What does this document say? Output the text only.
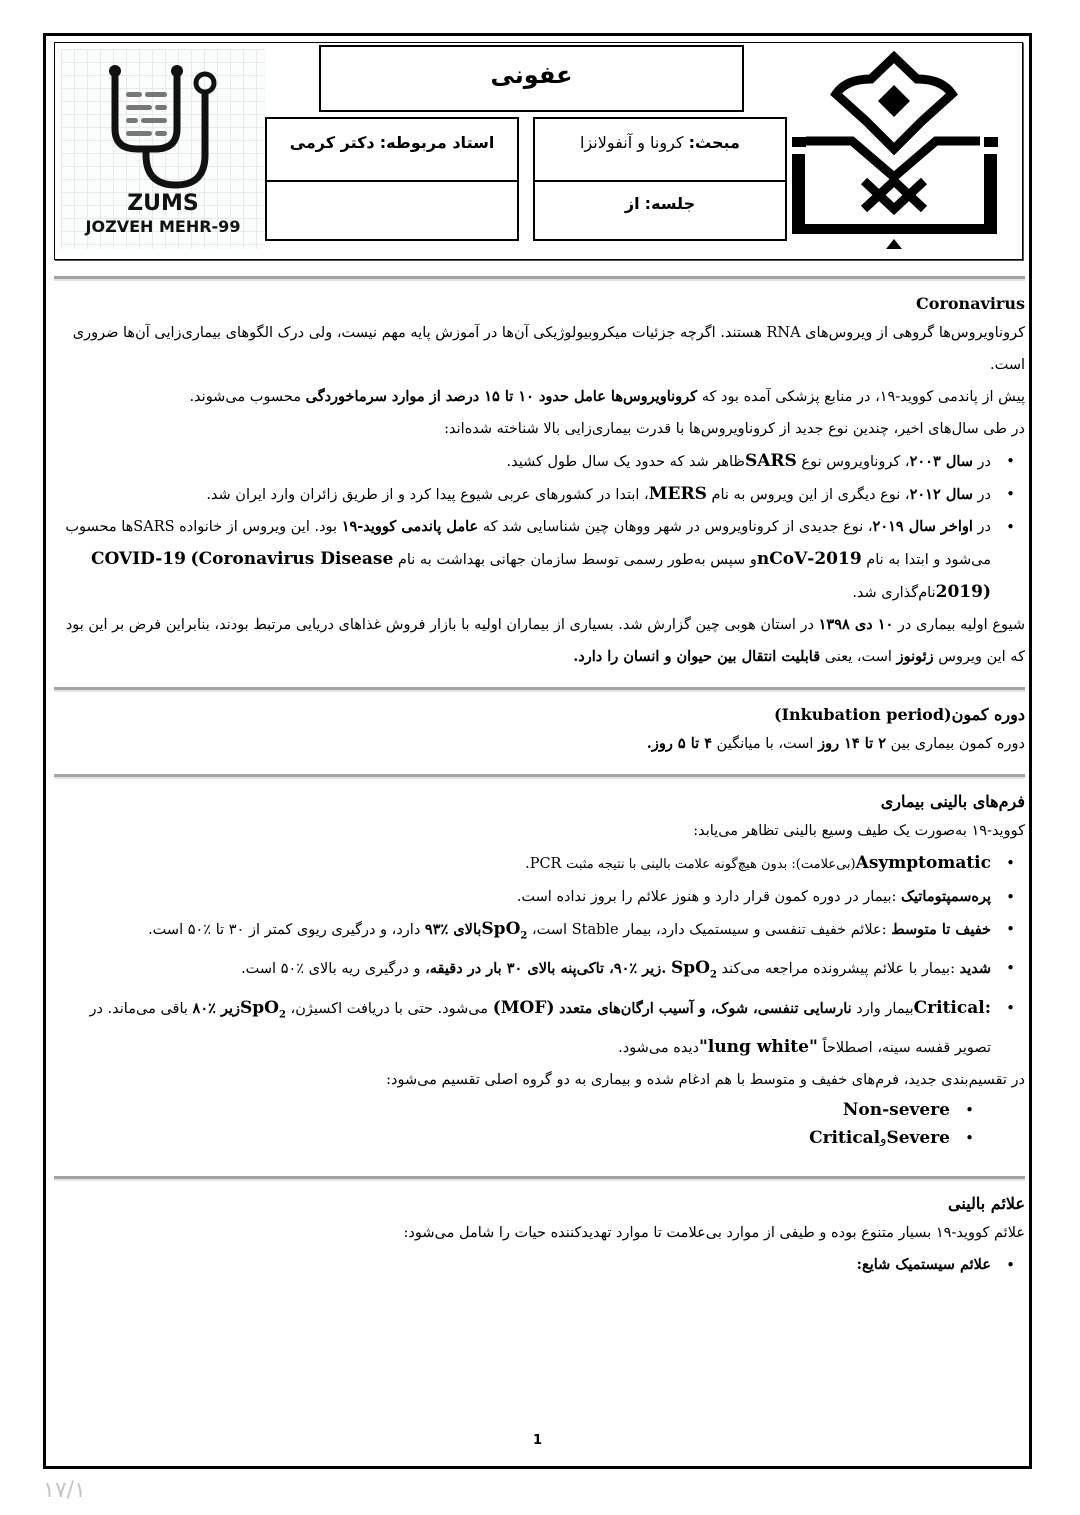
ZUMS
JOZVEH MEHR-99
عفونی
استاد مربوطه: دکتر کرمی	مبحث: کرونا و آنفولانزا
جلسه: از
Coronavirus

کروناویروس‌ها گروهی از ویروس‌های RNA هستند. اگرچه جزئیات میکروبیولوژیکی آن‌ها در آموزش پایه مهم نیست، ولی درک الگوهای بیماری‌زایی آن‌ها ضروری است.

پیش از پاندمی کووید-۱۹، در منابع پزشکی آمده بود که کروناویروس‌ها عامل حدود ۱۰ تا ۱۵ درصد از موارد سرماخوردگی محسوب می‌شوند.

در طی سال‌های اخیر، چندین نوع جدید از کروناویروس‌ها با قدرت بیماری‌زایی بالا شناخته شده‌اند:

• در سال ۲۰۰۳، کروناویروس نوع SARSظاهر شد که حدود یک سال طول کشید.
• در سال ۲۰۱۲، نوع دیگری از این ویروس به نام MERS، ابتدا در کشورهای عربی شیوع پیدا کرد و از طریق زائران وارد ایران شد.
• در اواخر سال ۲۰۱۹، نوع جدیدی از کروناویروس در شهر ووهان چین شناسایی شد که عامل پاندمی کووید-۱۹ بود. این ویروس از خانواده SARSها محسوب می‌شود و ابتدا به نام 2019-nCoVو سپس به‌طور رسمی توسط سازمان جهانی بهداشت به نام COVID-19 (Coronavirus Disease 2019)نام‌گذاری شد.

شیوع اولیه بیماری در ۱۰ دی ۱۳۹۸ در استان هوبی چین گزارش شد. بسیاری از بیماران اولیه با بازار فروش غذاهای دریایی مرتبط بودند، بنابراین فرض بر این بود که این ویروس زئونوز است، یعنی قابلیت انتقال بین حیوان و انسان را دارد.

دوره کمون(Inkubation period)

دوره کمون بیماری بین ۲ تا ۱۴ روز است، با میانگین ۴ تا ۵ روز.

فرم‌های بالینی بیماری

کووید-۱۹ به‌صورت یک طیف وسیع بالینی تظاهر می‌یابد:

• Asymptomatic(بی‌علامت): بدون هیچ‌گونه علامت بالینی با نتیجه مثبت PCR.
• پره‌سمپتوماتیک :بیمار در دوره کمون قرار دارد و هنوز علائم را بروز نداده است.
• خفیف تا متوسط :علائم خفیف تنفسی و سیستمیک دارد، بیمار Stable است، SpO$_2$بالای ٪۹۳ دارد، و درگیری ریوی کمتر از ۳۰ تا ٪۵۰ است.
• شدید :بیمار با علائم پیشرونده مراجعه می‌کند SpO$_2$ .زیر ٪۹۰، تاکی‌پنه بالای ۳۰ بار در دقیقه، و درگیری ریه بالای ٪۵۰ است.
• :Criticalبیمار وارد نارسایی تنفسی، شوک، و آسیب ارگان‌های متعدد (MOF) می‌شود. حتی با دریافت اکسیژن، SpO$_2$زیر ٪۸۰ باقی می‌ماند. در تصویر قفسه سینه، اصطلاحاً "lung white"دیده می‌شود.

در تقسیم‌بندی جدید، فرم‌های خفیف و متوسط با هم ادغام شده و بیماری به دو گروه اصلی تقسیم می‌شود:

• Non-severe
• SevereوCritical
علائم بالینی

علائم کووید-۱۹ بسیار متنوع بوده و طیفی از موارد بی‌علامت تا موارد تهدیدکننده حیات را شامل می‌شود:

• علائم سیستمیک شایع:
1
۱۷/۱
